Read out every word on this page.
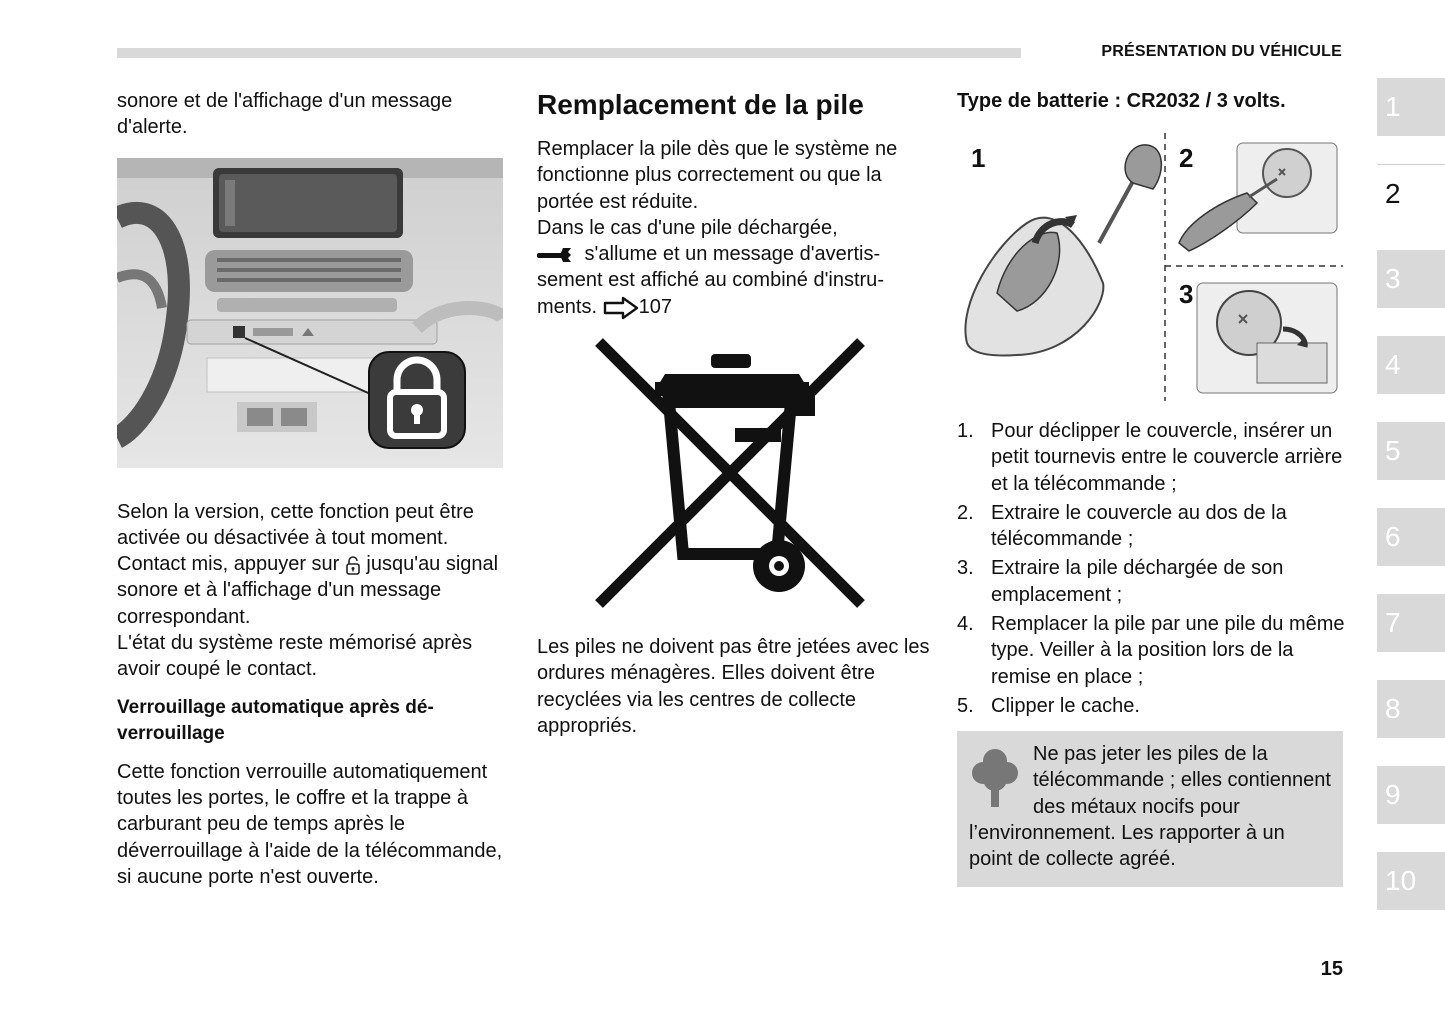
PRÉSENTATION DU VÉHICULE

sonore et de l'affichage d'un message d'alerte.

Selon la version, cette fonction peut être activée ou désactivée à tout moment. Contact mis, appuyer sur  jusqu'au signal sonore et à l'affichage d'un message correspondant.

L'état du système reste mémorisé après avoir coupé le contact.

Verrouillage automatique après déverrouillage

Cette fonction verrouille automatiquement toutes les portes, le coffre et la trappe à carburant peu de temps après le déverrouillage à l'aide de la télécommande, si aucune porte n'est ouverte.

Remplacement de la pile

Remplacer la pile dès que le système ne fonctionne plus correctement ou que la portée est réduite.

Dans le cas d'une pile déchargée,
s'allume et un message d'avertissement est affiché au combiné d'instruments. 107

Les piles ne doivent pas être jetées avec les ordures ménagères. Elles doivent être recyclées via les centres de collecte appropriés.

Type de batterie : CR2032 / 3 volts.
1. Pour déclipper le couvercle, insérer un petit tournevis entre le couvercle arrière et la télécommande ;
2. Extraire le couvercle au dos de la télécommande ;
3. Extraire la pile déchargée de son emplacement ;
4. Remplacer la pile par une pile du même type. Veiller à la position lors de la remise en place ;
5. Clipper le cache.
1	2
3
Ne pas jeter les piles de la télécommande ; elles contiennent des métaux nocifs pour l’environnement. Les rapporter à un point de collecte agréé.
1
2
3
4
5
6
7
8
9
10
15
